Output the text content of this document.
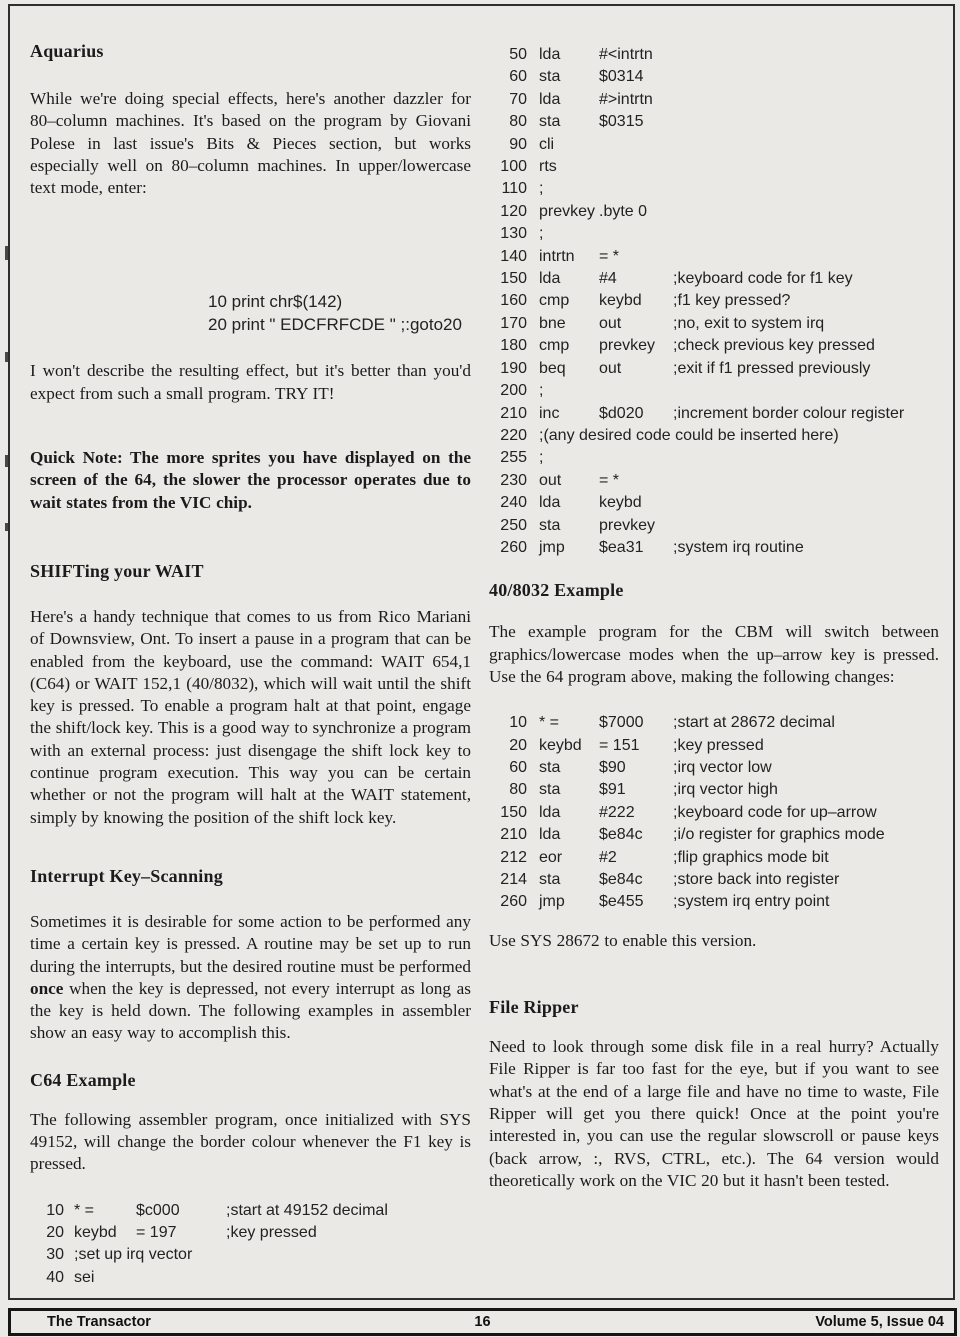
Aquarius

While we're doing special effects, here's another dazzler for 80–column machines. It's based on the program by Giovani Polese in last issue's Bits & Pieces section, but works especially well on 80–column machines. In upper/lowercase text mode, enter:

10 print chr$(142)
20 print " EDCFRFCDE " ;:goto20

I won't describe the resulting effect, but it's better than you'd expect from such a small program. TRY IT!

Quick Note: The more sprites you have displayed on the screen of the 64, the slower the processor operates due to wait states from the VIC chip.

SHIFTing your WAIT

Here's a handy technique that comes to us from Rico Mariani of Downsview, Ont. To insert a pause in a program that can be enabled from the keyboard, use the command: WAIT 654,1 (C64) or WAIT 152,1 (40/8032), which will wait until the shift key is pressed. To enable a program halt at that point, engage the shift/lock key. This is a good way to synchronize a program with an external process: just disengage the shift lock key to continue program execution. This way you can be certain whether or not the program will halt at the WAIT statement, simply by knowing the position of the shift lock key.

Interrupt Key–Scanning

Sometimes it is desirable for some action to be performed any time a certain key is pressed. A routine may be set up to run during the interrupts, but the desired routine must be performed once when the key is depressed, not every interrupt as long as the key is held down. The following examples in assembler show an easy way to accomplish this.

C64 Example

The following assembler program, once initialized with SYS 49152, will change the border colour whenever the F1 key is pressed.

10 * =	$c000	;start at 49152 decimal
20 keybd	= 197	;key pressed
30 ;set up irq vector
40 sei
50 lda	#<intrtn
60 sta	$0314
70 lda	#>intrtn
80 sta	$0315
90 cli
100 rts
110 ;
120 prevkey .byte 0
130 ;
140 intrtn	= *
150 lda	#4	;keyboard code for f1 key
160 cmp	keybd	;f1 key pressed?
170 bne	out	;no, exit to system irq
180 cmp	prevkey	;check previous key pressed
190 beq	out	;exit if f1 pressed previously
200 ;
210 inc	$d020	;increment border colour register
220 ;(any desired code could be inserted here)
255 ;
230 out	= *
240 lda	keybd
250 sta	prevkey
260 jmp	$ea31	;system irq routine
40/8032 Example

The example program for the CBM will switch between graphics/lowercase modes when the up–arrow key is pressed. Use the 64 program above, making the following changes:

10 * =	$7000	;start at 28672 decimal
20 keybd	= 151	;key pressed
60 sta	$90	;irq vector low
80 sta	$91	;irq vector high
150 lda	#222	;keyboard code for up–arrow
210 lda	$e84c	;i/o register for graphics mode
212 eor	#2	;flip graphics mode bit
214 sta	$e84c	;store back into register
260 jmp	$e455	;system irq entry point

Use SYS 28672 to enable this version.

File Ripper

Need to look through some disk file in a real hurry? Actually File Ripper is far too fast for the eye, but if you want to see what's at the end of a large file and have no time to waste, File Ripper will get you there quick! Once at the point you're interested in, you can use the regular slowscroll or pause keys (back arrow, :, RVS, CTRL, etc.). The 64 version would theoretically work on the VIC 20 but it hasn't been tested.

16
The Transactor	Volume 5, Issue 04
